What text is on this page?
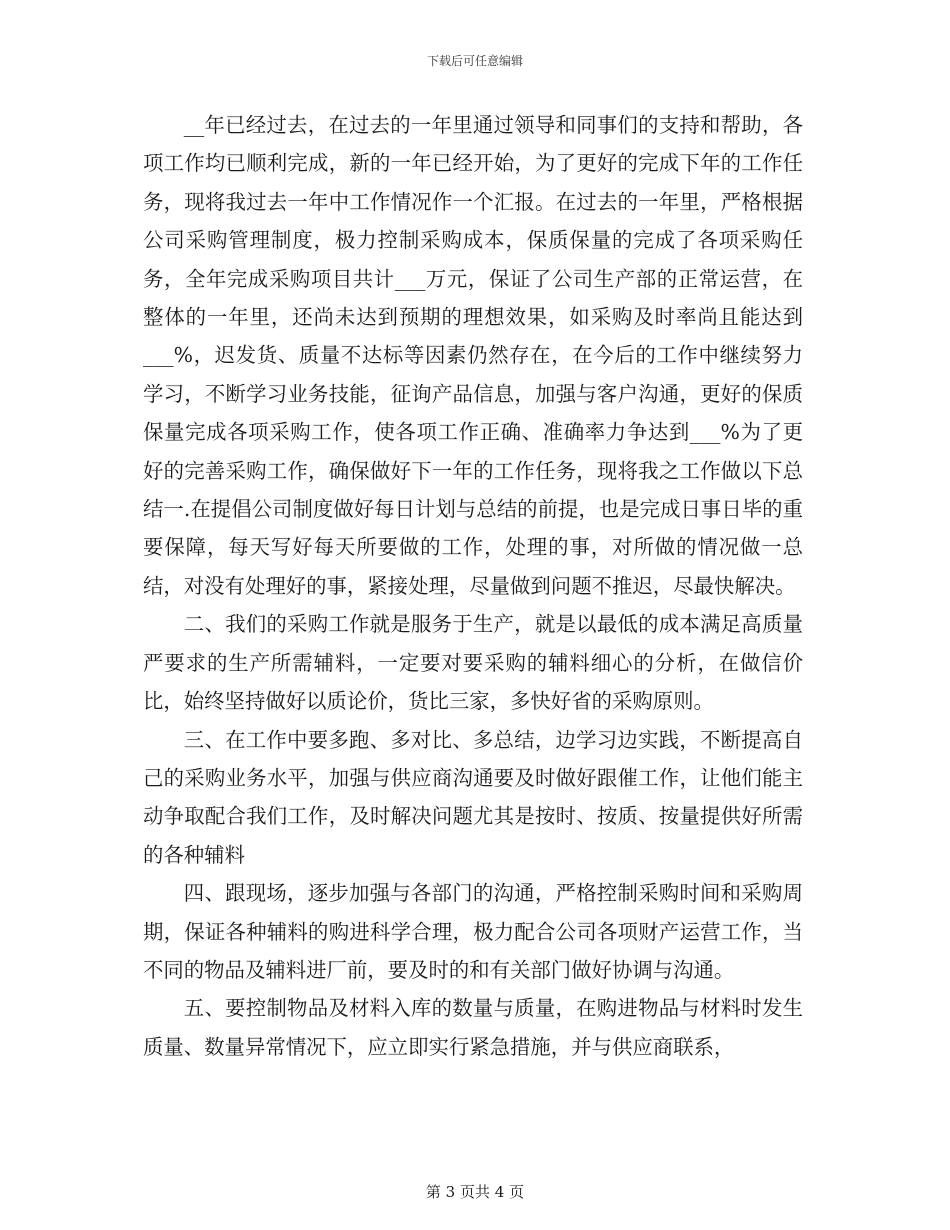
下载后可任意编辑

__年已经过去，在过去的一年里通过领导和同事们的支持和帮助，各项工作均已顺利完成，新的一年已经开始，为了更好的完成下年的工作任务，现将我过去一年中工作情况作一个汇报。在过去的一年里，严格根据公司采购管理制度，极力控制采购成本，保质保量的完成了各项采购任务，全年完成采购项目共计___万元，保证了公司生产部的正常运营，在整体的一年里，还尚未达到预期的理想效果，如采购及时率尚且能达到___%，迟发货、质量不达标等因素仍然存在，在今后的工作中继续努力学习，不断学习业务技能，征询产品信息，加强与客户沟通，更好的保质保量完成各项采购工作，使各项工作正确、准确率力争达到___%为了更好的完善采购工作，确保做好下一年的工作任务，现将我之工作做以下总结一.在提倡公司制度做好每日计划与总结的前提，也是完成日事日毕的重要保障，每天写好每天所要做的工作，处理的事，对所做的情况做一总结，对没有处理好的事，紧接处理，尽量做到问题不推迟，尽最快解决。

二、我们的采购工作就是服务于生产，就是以最低的成本满足高质量严要求的生产所需辅料，一定要对要采购的辅料细心的分析，在做信价比，始终坚持做好以质论价，货比三家，多快好省的采购原则。

三、在工作中要多跑、多对比、多总结，边学习边实践，不断提高自己的采购业务水平，加强与供应商沟通要及时做好跟催工作，让他们能主动争取配合我们工作，及时解决问题尤其是按时、按质、按量提供好所需的各种辅料

四、跟现场，逐步加强与各部门的沟通，严格控制采购时间和采购周期，保证各种辅料的购进科学合理，极力配合公司各项财产运营工作，当不同的物品及辅料进厂前，要及时的和有关部门做好协调与沟通。

五、要控制物品及材料入库的数量与质量，在购进物品与材料时发生质量、数量异常情况下，应立即实行紧急措施，并与供应商联系，

第 3 页共 4 页
